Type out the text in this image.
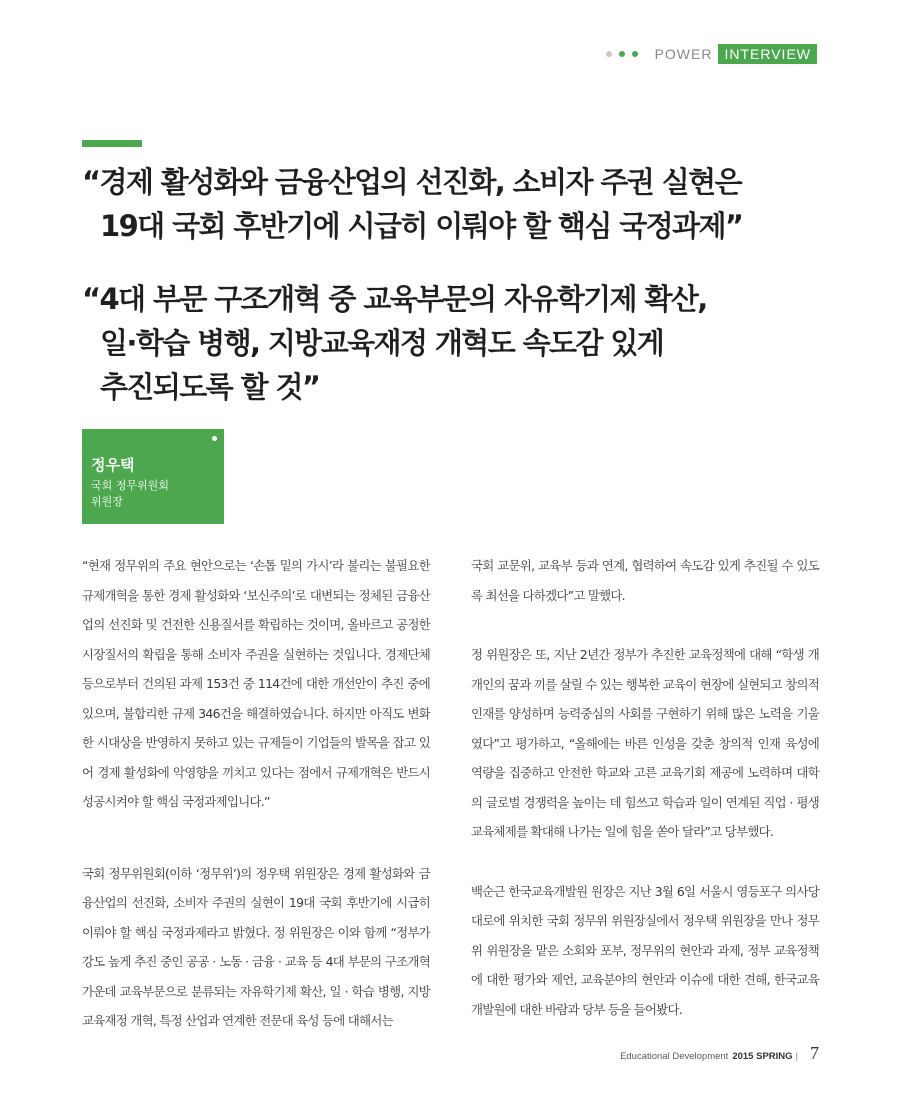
POWER INTERVIEW
“경제 활성화와 금융산업의 선진화, 소비자 주권 실현은
19대 국회 후반기에 시급히 이뤄야 할 핵심 국정과제”
“4대 부문 구조개혁 중 교육부문의 자유학기제 확산,
일·학습 병행, 지방교육재정 개혁도 속도감 있게
추진되도록 할 것”
정우택
국회 정무위원회
위원장

“현재 정무위의 주요 현안으로는 ‘손톱 밑의 가시’라 불리는 불필요한 규제개혁을 통한 경제 활성화와 ‘보신주의’로 대변되는 정체된 금융산업의 선진화 및 건전한 신용질서를 확립하는 것이며, 올바르고 공정한 시장질서의 확립을 통해 소비자 주권을 실현하는 것입니다. 경제단체 등으로부터 건의된 과제 153건 중 114건에 대한 개선안이 추진 중에 있으며, 불합리한 규제 346건을 해결하였습니다. 하지만 아직도 변화한 시대상을 반영하지 못하고 있는 규제들이 기업들의 발목을 잡고 있어 경제 활성화에 악영향을 끼치고 있다는 점에서 규제개혁은 반드시 성공시켜야 할 핵심 국정과제입니다.”

국회 정무위원회(이하 ‘정무위’)의 정우택 위원장은 경제 활성화와 금융산업의 선진화, 소비자 주권의 실현이 19대 국회 후반기에 시급히 이뤄야 할 핵심 국정과제라고 밝혔다. 정 위원장은 이와 함께 “정부가 강도 높게 추진 중인 공공 · 노동 · 금융 · 교육 등 4대 부문의 구조개혁 가운데 교육부문으로 분류되는 자유학기제 확산, 일 · 학습 병행, 지방교육재정 개혁, 특정 산업과 연계한 전문대 육성 등에 대해서는

국회 교문위, 교육부 등과 연계, 협력하여 속도감 있게 추진될 수 있도록 최선을 다하겠다”고 말했다.

정 위원장은 또, 지난 2년간 정부가 추진한 교육정책에 대해 “학생 개개인의 꿈과 끼를 살릴 수 있는 행복한 교육이 현장에 실현되고 창의적 인재를 양성하며 능력중심의 사회를 구현하기 위해 많은 노력을 기울였다”고 평가하고, “올해에는 바른 인성을 갖춘 창의적 인재 육성에 역량을 집중하고 안전한 학교와 고른 교육기회 제공에 노력하며 대학의 글로벌 경쟁력을 높이는 데 힘쓰고 학습과 일이 연계된 직업 · 평생교육체제를 확대해 나가는 일에 힘을 쏟아 달라”고 당부했다.

백순근 한국교육개발원 원장은 지난 3월 6일 서울시 영등포구 의사당대로에 위치한 국회 정무위 위원장실에서 정우택 위원장을 만나 정무위 위원장을 맡은 소회와 포부, 정무위의 현안과 과제, 정부 교육정책에 대한 평가와 제언, 교육분야의 현안과 이슈에 대한 견해, 한국교육개발원에 대한 바람과 당부 등을 들어봤다.

Educational Development 2015 SPRING | 7
